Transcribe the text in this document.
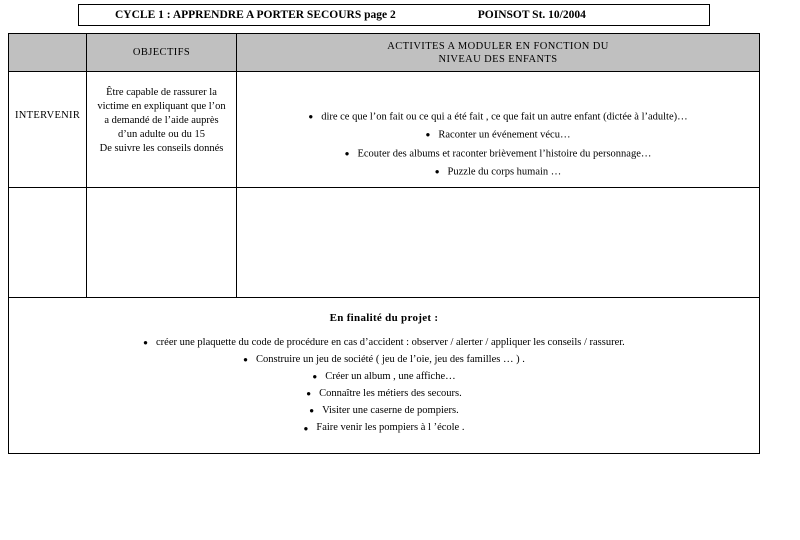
CYCLE 1 : APPRENDRE A PORTER SECOURS page 2	POINSOT St. 10/2004
OBJECTIFS
ACTIVITES A MODULER EN FONCTION DU
NIVEAU DES ENFANTS
INTERVENIR
Être capable de rassurer la
victime en expliquant que l’on
a demandé de l’aide auprès
d’un adulte ou du 15
De suivre les conseils donnés
● dire ce que l’on fait ou ce qui a été fait , ce que fait un autre enfant (dictée à l’adulte)…
● Raconter un événement vécu…
● Ecouter des albums et raconter brièvement l’histoire du personnage…
● Puzzle du corps humain …
En finalité du projet :
● créer une plaquette du code de procédure en cas d’accident : observer / alerter / appliquer les conseils / rassurer.
● Construire un jeu de société ( jeu de l’oie, jeu des familles … ) .
● Créer un album , une affiche…
● Connaître les métiers des secours.
● Visiter une caserne de pompiers.
● Faire venir les pompiers à l ’école .
